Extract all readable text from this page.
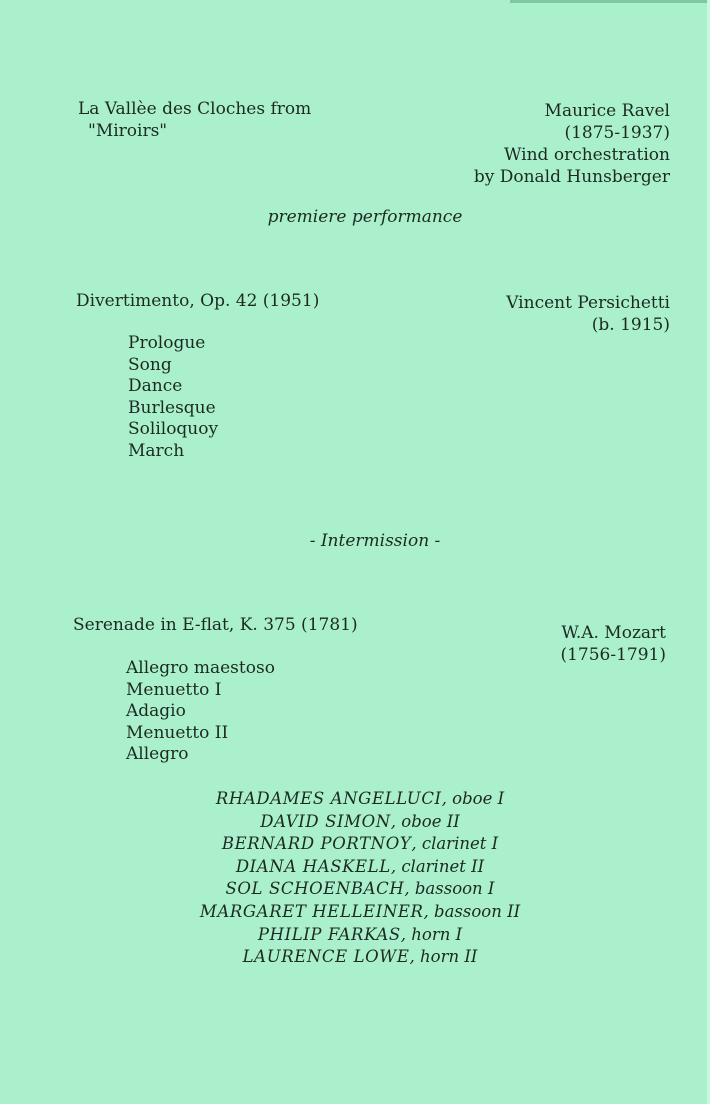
La Vallèe des Cloches from
"Miroirs"
Maurice Ravel
(1875-1937)
Wind orchestration
by Donald Hunsberger
premiere performance
Divertimento, Op. 42 (1951)	Vincent Persichetti
(b. 1915)
Prologue
Song
Dance
Burlesque
Soliloquoy
March
- Intermission -
Serenade in E-flat, K. 375 (1781)	W.A. Mozart
(1756-1791)
Allegro maestoso
Menuetto I
Adagio
Menuetto II
Allegro
RHADAMES ANGELLUCI, oboe I
DAVID SIMON, oboe II
BERNARD PORTNOY, clarinet I
DIANA HASKELL, clarinet II
SOL SCHOENBACH, bassoon I
MARGARET HELLEINER, bassoon II
PHILIP FARKAS, horn I
LAURENCE LOWE, horn II
